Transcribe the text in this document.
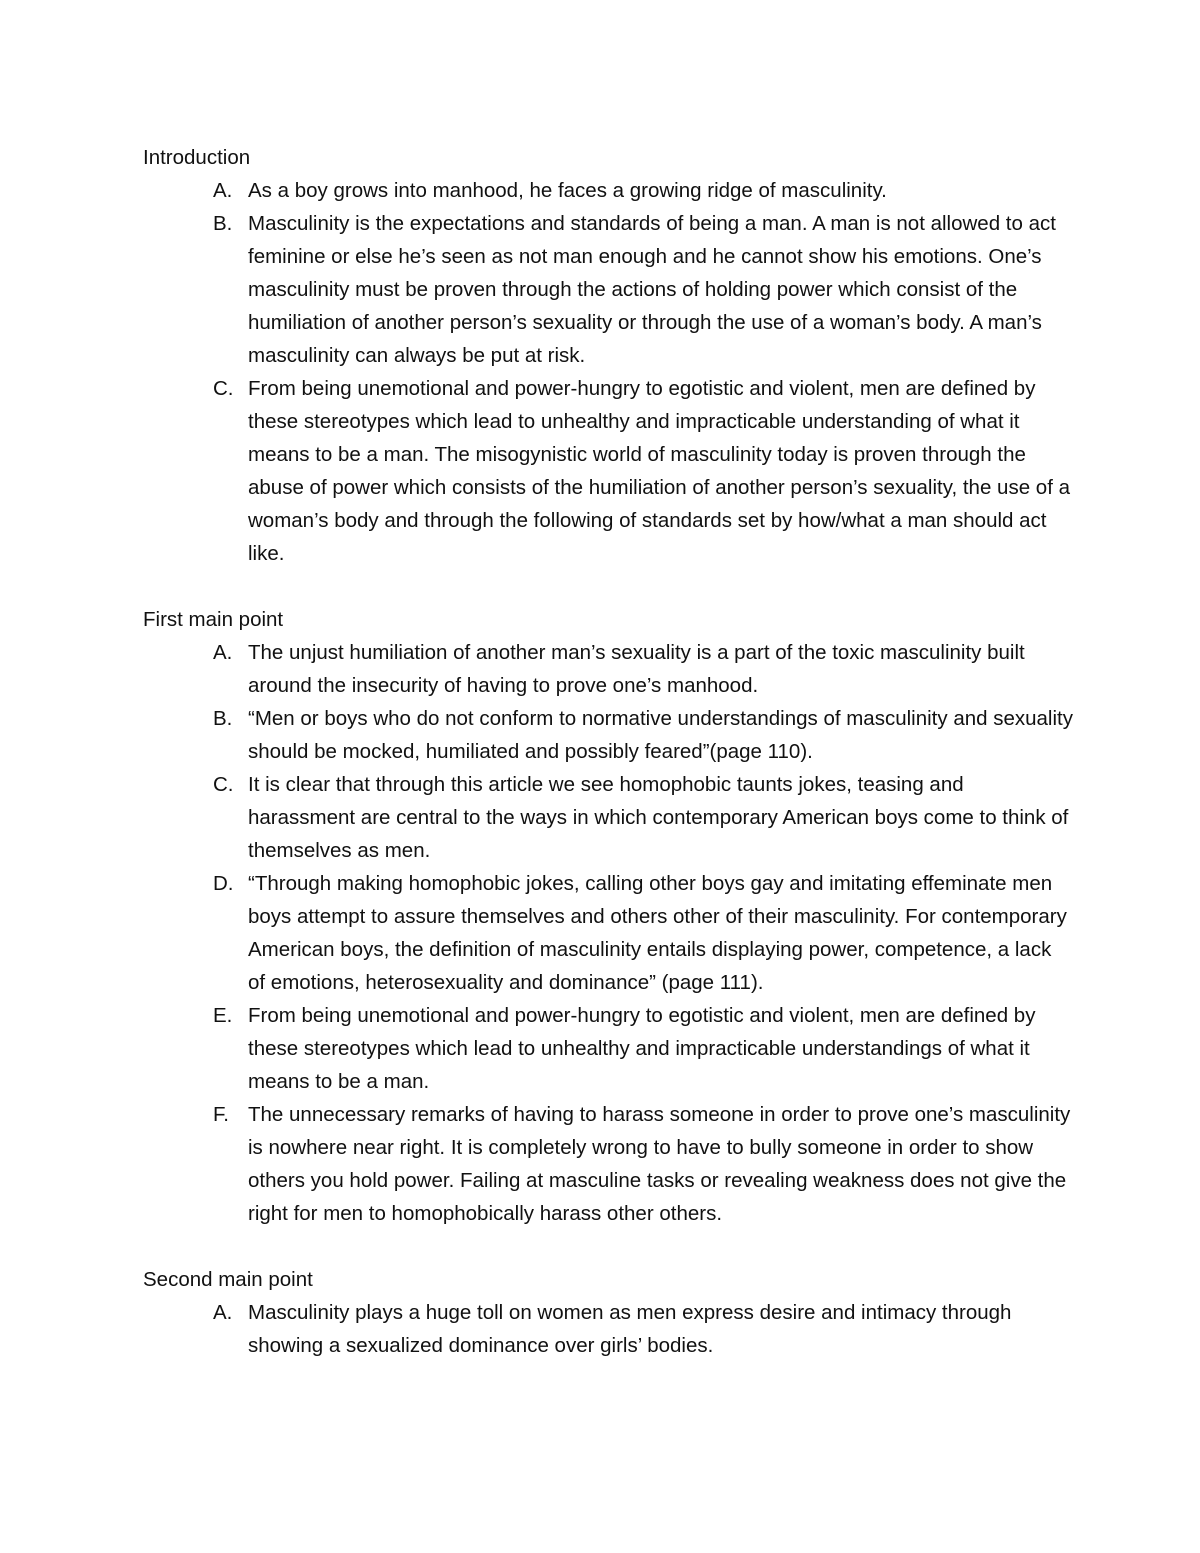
Introduction
A. As a boy grows into manhood, he faces a growing ridge of masculinity.
B. Masculinity is the expectations and standards of being a man. A man is not allowed to act feminine or else he’s seen as not man enough and he cannot show his emotions. One’s masculinity must be proven through the actions of holding power which consist of the humiliation of another person’s sexuality or through the use of a woman’s body. A man’s masculinity can always be put at risk.
C. From being unemotional and power-hungry to egotistic and violent, men are defined by these stereotypes which lead to unhealthy and impracticable understanding of what it means to be a man. The misogynistic world of masculinity today is proven through the abuse of power which consists of the humiliation of another person’s sexuality, the use of a woman’s body and through the following of standards set by how/what a man should act like.
First main point
A. The unjust humiliation of another man’s sexuality is a part of the toxic masculinity built around the insecurity of having to prove one’s manhood.
B. “Men or boys who do not conform to normative understandings of masculinity and sexuality should be mocked, humiliated and possibly feared”(page 110).
C. It is clear that through this article we see homophobic taunts jokes, teasing and harassment are central to the ways in which contemporary American boys come to think of themselves as men.
D. “Through making homophobic jokes, calling other boys gay and imitating effeminate men boys attempt to assure themselves and others other of their masculinity. For contemporary American boys, the definition of masculinity entails displaying power, competence, a lack of emotions, heterosexuality and dominance” (page 111).
E. From being unemotional and power-hungry to egotistic and violent, men are defined by these stereotypes which lead to unhealthy and impracticable understandings of what it means to be a man.
F. The unnecessary remarks of having to harass someone in order to prove one’s masculinity is nowhere near right. It is completely wrong to have to bully someone in order to show others you hold power. Failing at masculine tasks or revealing weakness does not give the right for men to homophobically harass other others.
Second main point
A. Masculinity plays a huge toll on women as men express desire and intimacy through showing a sexualized dominance over girls’ bodies.
